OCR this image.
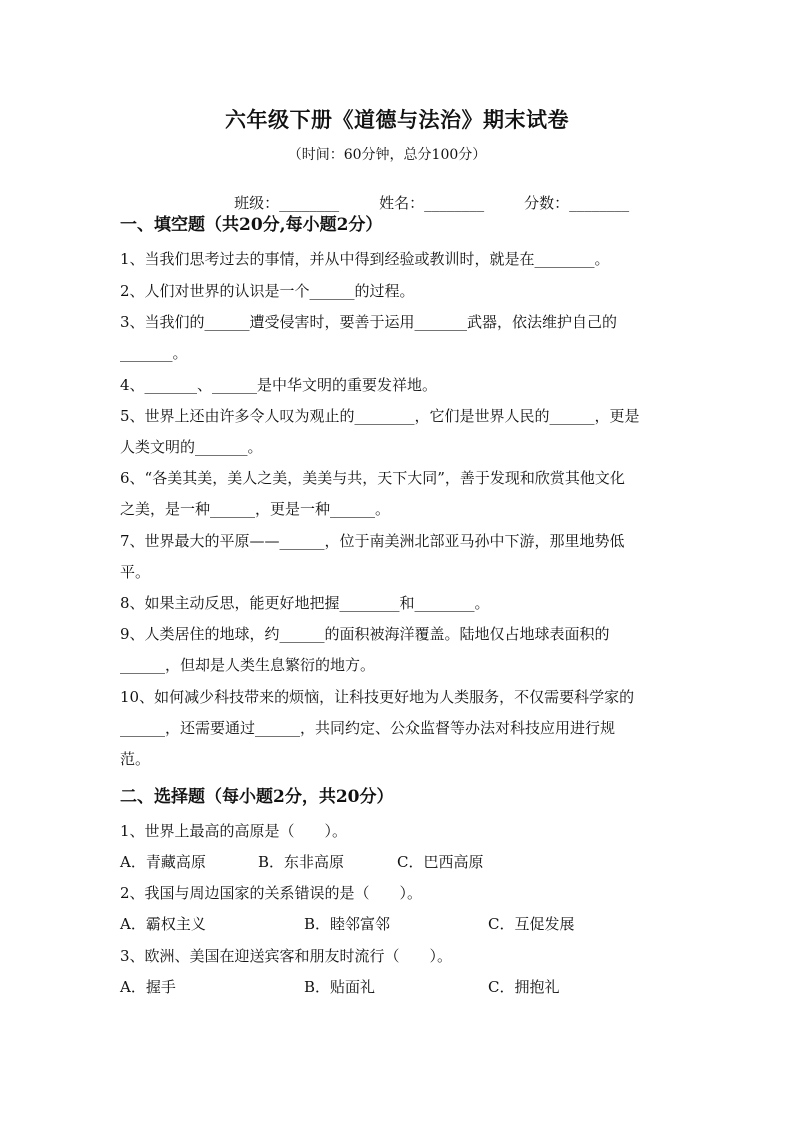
六年级下册《道德与法治》期末试卷
（时间：60分钟，总分100分）

班级：________	姓名：________	分数：________

一、填空题（共20分,每小题2分）
1、当我们思考过去的事情，并从中得到经验或教训时，就是在________。
2、人们对世界的认识是一个______的过程。
3、当我们的______遭受侵害时，要善于运用_______武器，依法维护自己的
_______。
4、_______、______是中华文明的重要发祥地。
5、世界上还由许多令人叹为观止的________，它们是世界人民的______，更是
人类文明的_______。
6、“各美其美，美人之美，美美与共，天下大同”，善于发现和欣赏其他文化
之美，是一种______，更是一种______。
7、世界最大的平原——______，位于南美洲北部亚马孙中下游，那里地势低
平。
8、如果主动反思，能更好地把握________和________。
9、人类居住的地球，约______的面积被海洋覆盖。陆地仅占地球表面积的
______，但却是人类生息繁衍的地方。
10、如何减少科技带来的烦恼，让科技更好地为人类服务，不仅需要科学家的
______，还需要通过______，共同约定、公众监督等办法对科技应用进行规
范。
二、选择题（每小题2分，共20分）
1、世界上最高的高原是（　　）。
A．青藏高原	B．东非高原	C．巴西高原
2、我国与周边国家的关系错误的是（　　）。
A．霸权主义	B．睦邻富邻	C．互促发展
3、欧洲、美国在迎送宾客和朋友时流行（　　）。
A．握手	B．贴面礼	C．拥抱礼
